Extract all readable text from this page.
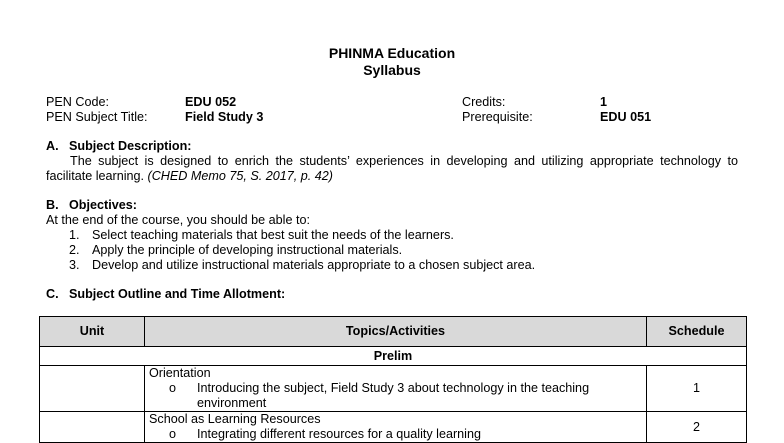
PHINMA Education
Syllabus
PEN Code:	EDU 052	Credits:	1
PEN Subject Title:	Field Study 3	Prerequisite:	EDU 051
A. Subject Description:
The subject is designed to enrich the students’ experiences in developing and utilizing appropriate technology to facilitate learning. (CHED Memo 75, S. 2017, p. 42)
B. Objectives:
At the end of the course, you should be able to:
1. Select teaching materials that best suit the needs of the learners.
2. Apply the principle of developing instructional materials.
3. Develop and utilize instructional materials appropriate to a chosen subject area.
C. Subject Outline and Time Allotment:
Unit	Topics/Activities	Schedule
Prelim		

	Orientation
o Introducing the subject, Field Study 3 about technology in the teaching environment	1

	School as Learning Resources
o Integrating different resources for a quality learning	2
